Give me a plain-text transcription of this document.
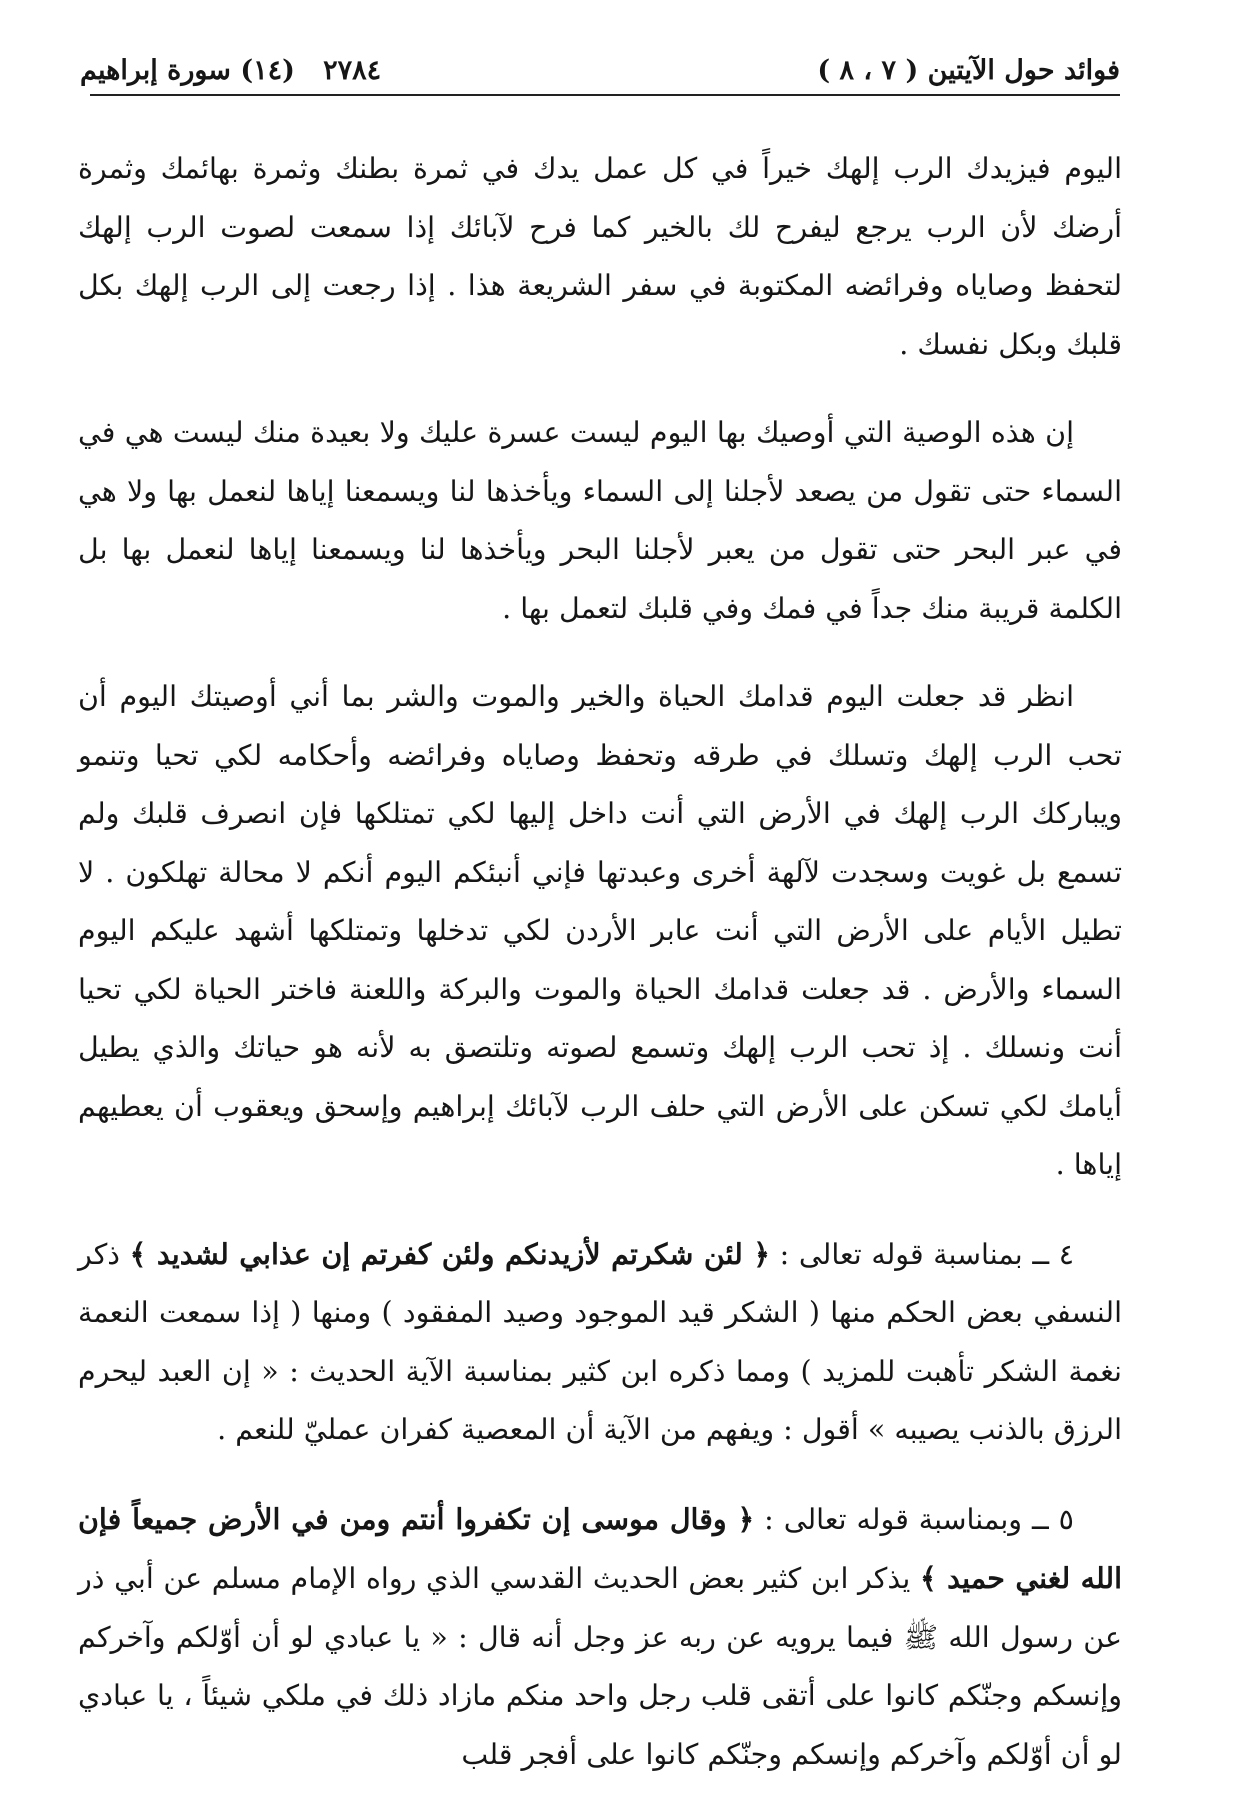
٢٧٨٤   (١٤) سورة إبراهيم	فوائد حول الآيتين ( ٧ ، ٨ )

اليوم فيزيدك الرب إلهك خيراً في كل عمل يدك في ثمرة بطنك وثمرة بهائمك وثمرة أرضك لأن الرب يرجع ليفرح لك بالخير كما فرح لآبائك إذا سمعت لصوت الرب إلهك لتحفظ وصاياه وفرائضه المكتوبة في سفر الشريعة هذا . إذا رجعت إلى الرب إلهك بكل قلبك وبكل نفسك .

إن هذه الوصية التي أوصيك بها اليوم ليست عسرة عليك ولا بعيدة منك ليست هي في السماء حتى تقول من يصعد لأجلنا إلى السماء ويأخذها لنا ويسمعنا إياها لنعمل بها ولا هي في عبر البحر حتى تقول من يعبر لأجلنا البحر ويأخذها لنا ويسمعنا إياها لنعمل بها بل الكلمة قريبة منك جداً في فمك وفي قلبك لتعمل بها .

انظر قد جعلت اليوم قدامك الحياة والخير والموت والشر بما أني أوصيتك اليوم أن تحب الرب إلهك وتسلك في طرقه وتحفظ وصاياه وفرائضه وأحكامه لكي تحيا وتنمو ويباركك الرب إلهك في الأرض التي أنت داخل إليها لكي تمتلكها فإن انصرف قلبك ولم تسمع بل غويت وسجدت لآلهة أخرى وعبدتها فإني أنبئكم اليوم أنكم لا محالة تهلكون . لا تطيل الأيام على الأرض التي أنت عابر الأردن لكي تدخلها وتمتلكها أشهد عليكم اليوم السماء والأرض . قد جعلت قدامك الحياة والموت والبركة واللعنة فاختر الحياة لكي تحيا أنت ونسلك . إذ تحب الرب إلهك وتسمع لصوته وتلتصق به لأنه هو حياتك والذي يطيل أيامك لكي تسكن على الأرض التي حلف الرب لآبائك إبراهيم وإسحق ويعقوب أن يعطيهم إياها .

٤ ــ بمناسبة قوله تعالى : ﴿ لئن شكرتم لأزيدنكم ولئن كفرتم إن عذابي لشديد ﴾ ذكر النسفي بعض الحكم منها ( الشكر قيد الموجود وصيد المفقود ) ومنها ( إذا سمعت النعمة نغمة الشكر تأهبت للمزيد ) ومما ذكره ابن كثير بمناسبة الآية الحديث : « إن العبد ليحرم الرزق بالذنب يصيبه » أقول : ويفهم من الآية أن المعصية كفران عمليّ للنعم .

٥ ــ وبمناسبة قوله تعالى : ﴿ وقال موسى إن تكفروا أنتم ومن في الأرض جميعاً فإن الله لغني حميد ﴾ يذكر ابن كثير بعض الحديث القدسي الذي رواه الإمام مسلم عن أبي ذر عن رسول الله ﷺ فيما يرويه عن ربه عز وجل أنه قال : « يا عبادي لو أن أوّلكم وآخركم وإنسكم وجنّكم كانوا على أتقى قلب رجل واحد منكم مازاد ذلك في ملكي شيئاً ، يا عبادي لو أن أوّلكم وآخركم وإنسكم وجنّكم كانوا على أفجر قلب
